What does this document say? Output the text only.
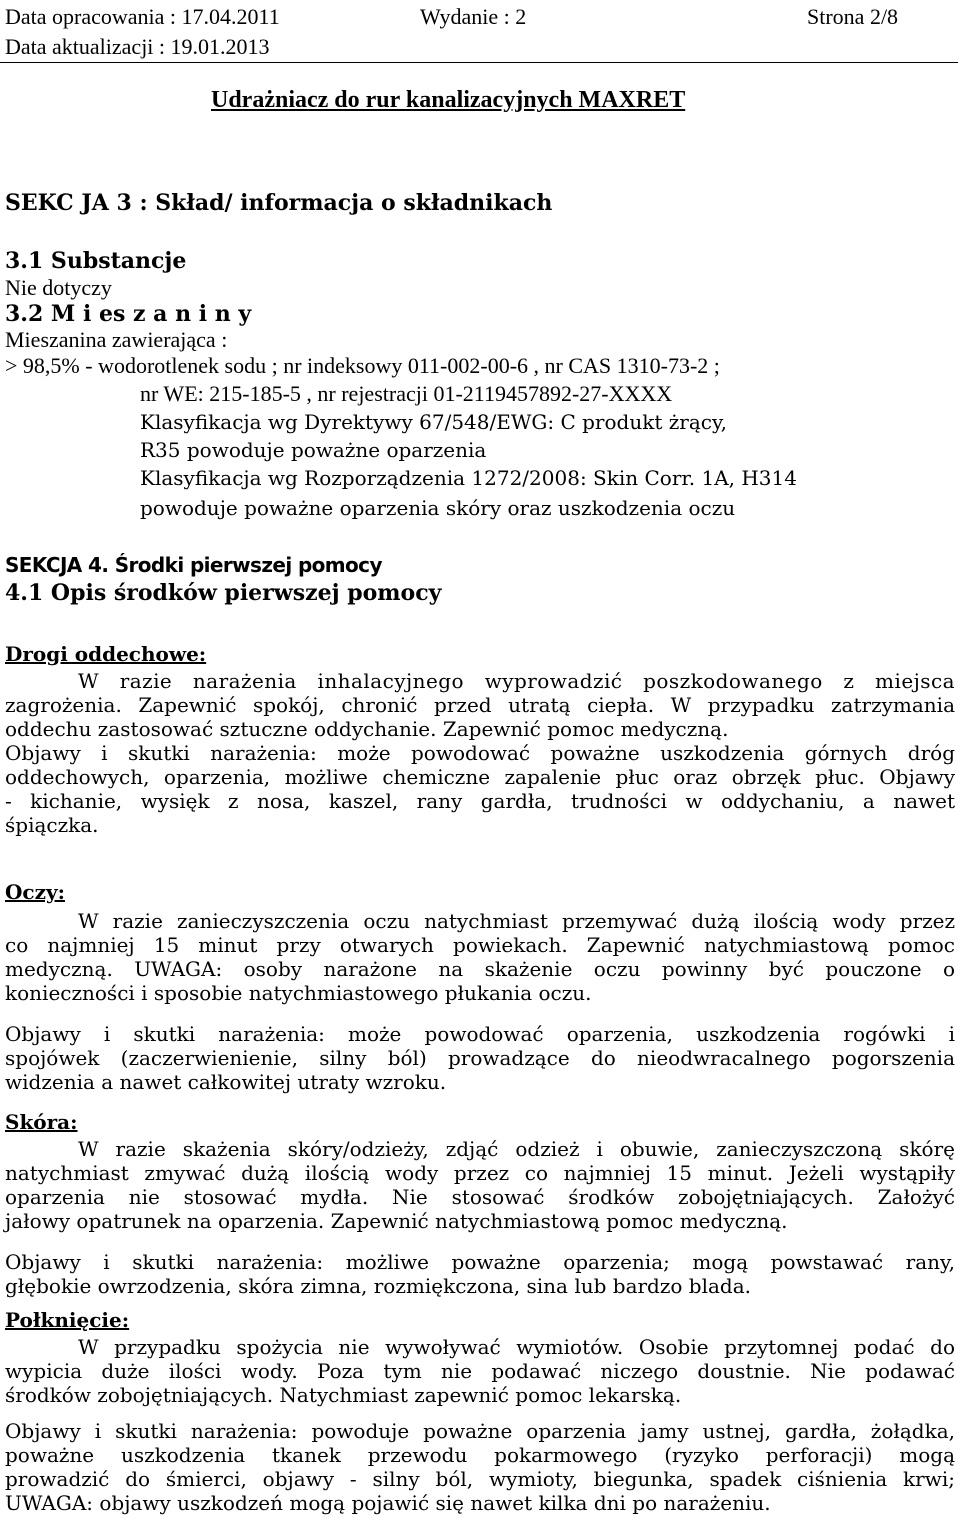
Data opracowania : 17.04.2011	Wydanie : 2	Strona 2/8
Data aktualizacji : 19.01.2013
Udrażniacz do rur kanalizacyjnych MAXRET
SEKC JA 3 : Skład/ informacja o składnikach
3.1 Substancje
Nie dotyczy
3.2 M i es z a n i n y
Mieszanina zawierająca :
> 98,5% - wodorotlenek sodu ; nr indeksowy 011-002-00-6 , nr CAS 1310-73-2 ;
nr WE: 215-185-5 , nr rejestracji 01-2119457892-27-XXXX
Klasyfikacja wg Dyrektywy 67/548/EWG: C produkt żrący,
R35 powoduje poważne oparzenia
Klasyfikacja wg Rozporządzenia 1272/2008: Skin Corr. 1A, H314
powoduje poważne oparzenia skóry oraz uszkodzenia oczu
SEKCJA 4. Środki pierwszej pomocy
4.1 Opis środków pierwszej pomocy
Drogi oddechowe:

W razie narażenia inhalacyjnego wyprowadzić poszkodowanego z miejsca

zagrożenia. Zapewnić spokój, chronić przed utratą ciepła. W przypadku zatrzymania

oddechu zastosować sztuczne oddychanie. Zapewnić pomoc medyczną.

Objawy i skutki narażenia: może powodować poważne uszkodzenia górnych dróg

oddechowych, oparzenia, możliwe chemiczne zapalenie płuc oraz obrzęk płuc. Objawy

- kichanie, wysięk z nosa, kaszel, rany gardła, trudności w oddychaniu, a nawet

śpiączka.

Oczy:

W razie zanieczyszczenia oczu natychmiast przemywać dużą ilością wody przez

co najmniej 15 minut przy otwarych powiekach. Zapewnić natychmiastową pomoc

medyczną. UWAGA: osoby narażone na skażenie oczu powinny być pouczone o

konieczności i sposobie natychmiastowego płukania oczu.

Objawy i skutki narażenia: może powodować oparzenia, uszkodzenia rogówki i

spojówek (zaczerwienienie, silny ból) prowadzące do nieodwracalnego pogorszenia

widzenia a nawet całkowitej utraty wzroku.

Skóra:

W razie skażenia skóry/odzieży, zdjąć odzież i obuwie, zanieczyszczoną skórę

natychmiast zmywać dużą ilością wody przez co najmniej 15 minut. Jeżeli wystąpiły

oparzenia nie stosować mydła. Nie stosować środków zobojętniających. Założyć

jałowy opatrunek na oparzenia. Zapewnić natychmiastową pomoc medyczną.

Objawy i skutki narażenia: możliwe poważne oparzenia; mogą powstawać rany,

głębokie owrzodzenia, skóra zimna, rozmiękczona, sina lub bardzo blada.

Połknięcie:

W przypadku spożycia nie wywoływać wymiotów. Osobie przytomnej podać do

wypicia duże ilości wody. Poza tym nie podawać niczego doustnie. Nie podawać

środków zobojętniających. Natychmiast zapewnić pomoc lekarską.

Objawy i skutki narażenia: powoduje poważne oparzenia jamy ustnej, gardła, żołądka,

poważne uszkodzenia tkanek przewodu pokarmowego (ryzyko perforacji) mogą

prowadzić do śmierci, objawy - silny ból, wymioty, biegunka, spadek ciśnienia krwi;

UWAGA: objawy uszkodzeń mogą pojawić się nawet kilka dni po narażeniu.
